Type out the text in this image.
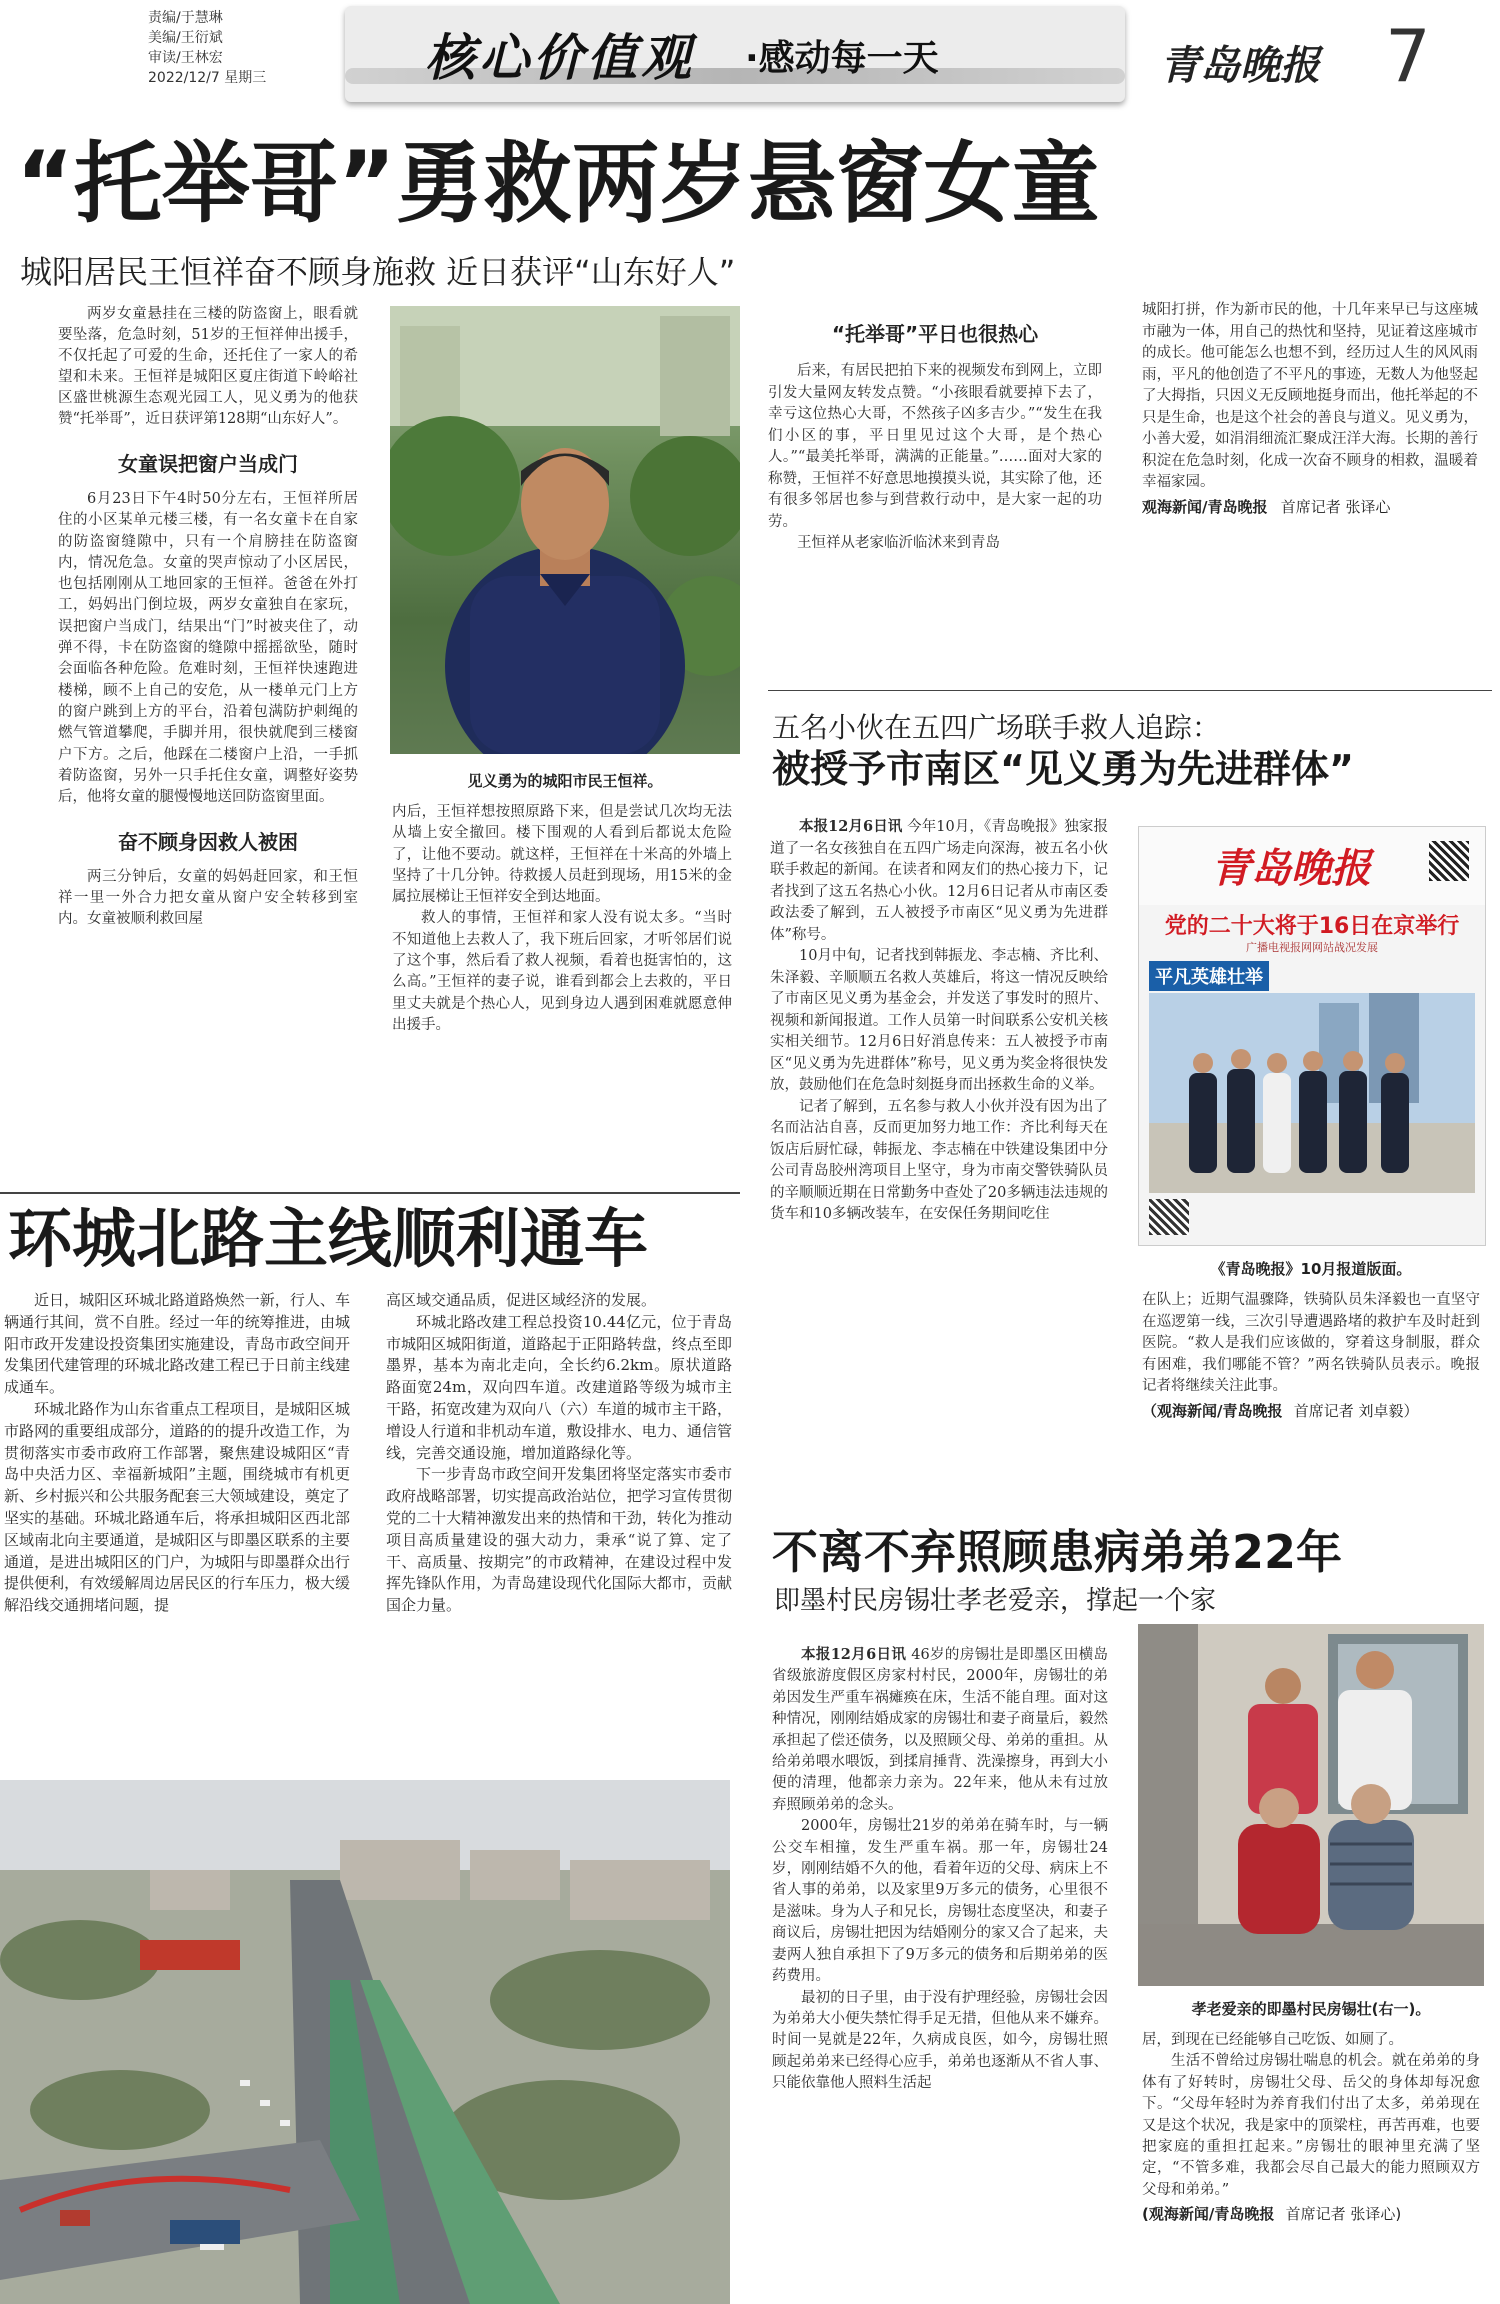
责编/于慧琳
美编/王衍斌
审读/王林宏
2022/12/7 星期三	核心价值观 ·感动每一天	青岛晚报 7
“托举哥”勇救两岁悬窗女童
城阳居民王恒祥奋不顾身施救 近日获评“山东好人”

两岁女童悬挂在三楼的防盗窗上，眼看就要坠落，危急时刻，51岁的王恒祥伸出援手，不仅托起了可爱的生命，还托住了一家人的希望和未来。王恒祥是城阳区夏庄街道下岭峪社区盛世桃源生态观光园工人，见义勇为的他获赞“托举哥”，近日获评第128期“山东好人”。

女童误把窗户当成门

6月23日下午4时50分左右，王恒祥所居住的小区某单元楼三楼，有一名女童卡在自家的防盗窗缝隙中，只有一个肩膀挂在防盗窗内，情况危急。女童的哭声惊动了小区居民，也包括刚刚从工地回家的王恒祥。爸爸在外打工，妈妈出门倒垃圾，两岁女童独自在家玩，误把窗户当成门，结果出“门”时被夹住了，动弹不得，卡在防盗窗的缝隙中摇摇欲坠，随时会面临各种危险。危难时刻，王恒祥快速跑进楼梯，顾不上自己的安危，从一楼单元门上方的窗户跳到上方的平台，沿着包满防护刺绳的燃气管道攀爬，手脚并用，很快就爬到三楼窗户下方。之后，他踩在二楼窗户上沿，一手抓着防盗窗，另外一只手托住女童，调整好姿势后，他将女童的腿慢慢地送回防盗窗里面。

奋不顾身因救人被困

两三分钟后，女童的妈妈赶回家，和王恒祥一里一外合力把女童从窗户安全转移到室内。女童被顺利救回屋

见义勇为的城阳市民王恒祥。

内后，王恒祥想按照原路下来，但是尝试几次均无法从墙上安全撤回。楼下围观的人看到后都说太危险了，让他不要动。就这样，王恒祥在十米高的外墙上坚持了十几分钟。待救援人员赶到现场，用15米的金属拉展梯让王恒祥安全到达地面。

救人的事情，王恒祥和家人没有说太多。“当时不知道他上去救人了，我下班后回家，才听邻居们说了这个事，然后看了救人视频，看着也挺害怕的，这么高。”王恒祥的妻子说，谁看到都会上去救的，平日里丈夫就是个热心人，见到身边人遇到困难就愿意伸出援手。

“托举哥”平日也很热心

后来，有居民把拍下来的视频发布到网上，立即引发大量网友转发点赞。“小孩眼看就要掉下去了，幸亏这位热心大哥，不然孩子凶多吉少。”“发生在我们小区的事，平日里见过这个大哥，是个热心人。”“最美托举哥，满满的正能量。”……面对大家的称赞，王恒祥不好意思地摸摸头说，其实除了他，还有很多邻居也参与到营救行动中，是大家一起的功劳。

王恒祥从老家临沂临沭来到青岛

城阳打拼，作为新市民的他，十几年来早已与这座城市融为一体，用自己的热忱和坚持，见证着这座城市的成长。他可能怎么也想不到，经历过人生的风风雨雨，平凡的他创造了不平凡的事迹，无数人为他竖起了大拇指，只因义无反顾地挺身而出，他托举起的不只是生命，也是这个社会的善良与道义。见义勇为，小善大爱，如涓涓细流汇聚成汪洋大海。长期的善行积淀在危急时刻，化成一次奋不顾身的相救，温暖着幸福家园。

观海新闻/青岛晚报 首席记者 张译心
五名小伙在五四广场联手救人追踪：
被授予市南区“见义勇为先进群体”

本报12月6日讯 今年10月，《青岛晚报》独家报道了一名女孩独自在五四广场走向深海，被五名小伙联手救起的新闻。在读者和网友们的热心接力下，记者找到了这五名热心小伙。12月6日记者从市南区委政法委了解到，五人被授予市南区“见义勇为先进群体”称号。

10月中旬，记者找到韩振龙、李志楠、齐比利、朱泽毅、辛顺顺五名救人英雄后，将这一情况反映给了市南区见义勇为基金会，并发送了事发时的照片、视频和新闻报道。工作人员第一时间联系公安机关核实相关细节。12月6日好消息传来：五人被授予市南区“见义勇为先进群体”称号，见义勇为奖金将很快发放，鼓励他们在危急时刻挺身而出拯救生命的义举。

记者了解到，五名参与救人小伙并没有因为出了名而沾沾自喜，反而更加努力地工作：齐比利每天在饭店后厨忙碌，韩振龙、李志楠在中铁建设集团中分公司青岛胶州湾项目上坚守，身为市南交警铁骑队员的辛顺顺近期在日常勤务中查处了20多辆违法违规的货车和10多辆改装车，在安保任务期间吃住

青岛晚报
党的二十大将于16日在京举行
广播电视报网网站战况发展
平凡英雄壮举
《青岛晚报》10月报道版面。

在队上；近期气温骤降，铁骑队员朱泽毅也一直坚守在巡逻第一线，三次引导遭遇路堵的救护车及时赶到医院。“救人是我们应该做的，穿着这身制服，群众有困难，我们哪能不管？”两名铁骑队员表示。晚报记者将继续关注此事。

（观海新闻/青岛晚报 首席记者 刘卓毅）
环城北路主线顺利通车

近日，城阳区环城北路道路焕然一新，行人、车辆通行其间，赏不自胜。经过一年的统筹推进，由城阳市政开发建设投资集团实施建设，青岛市政空间开发集团代建管理的环城北路改建工程已于日前主线建成通车。

环城北路作为山东省重点工程项目，是城阳区城市路网的重要组成部分，道路的的提升改造工作，为贯彻落实市委市政府工作部署，聚焦建设城阳区“青岛中央活力区、幸福新城阳”主题，围绕城市有机更新、乡村振兴和公共服务配套三大领域建设，奠定了坚实的基础。环城北路通车后，将承担城阳区西北部区域南北向主要通道，是城阳区与即墨区联系的主要通道，是进出城阳区的门户，为城阳与即墨群众出行提供便利，有效缓解周边居民区的行车压力，极大缓解沿线交通拥堵问题，提

高区域交通品质，促进区域经济的发展。

环城北路改建工程总投资10.44亿元，位于青岛市城阳区城阳街道，道路起于正阳路转盘，终点至即墨界，基本为南北走向，全长约6.2km。原状道路路面宽24m，双向四车道。改建道路等级为城市主干路，拓宽改建为双向八（六）车道的城市主干路，增设人行道和非机动车道，敷设排水、电力、通信管线，完善交通设施，增加道路绿化等。

下一步青岛市政空间开发集团将坚定落实市委市政府战略部署，切实提高政治站位，把学习宣传贯彻党的二十大精神激发出来的热情和干劲，转化为推动项目高质量建设的强大动力，秉承“说了算、定了干、高质量、按期完”的市政精神，在建设过程中发挥先锋队作用，为青岛建设现代化国际大都市，贡献国企力量。

不离不弃照顾患病弟弟22年
即墨村民房锡壮孝老爱亲，撑起一个家

本报12月6日讯 46岁的房锡壮是即墨区田横岛省级旅游度假区房家村村民，2000年，房锡壮的弟弟因发生严重车祸瘫痪在床，生活不能自理。面对这种情况，刚刚结婚成家的房锡壮和妻子商量后，毅然承担起了偿还债务，以及照顾父母、弟弟的重担。从给弟弟喂水喂饭，到揉肩捶背、洗澡擦身，再到大小便的清理，他都亲力亲为。22年来，他从未有过放弃照顾弟弟的念头。

2000年，房锡壮21岁的弟弟在骑车时，与一辆公交车相撞，发生严重车祸。那一年，房锡壮24岁，刚刚结婚不久的他，看着年迈的父母、病床上不省人事的弟弟，以及家里9万多元的债务，心里很不是滋味。身为人子和兄长，房锡壮态度坚决，和妻子商议后，房锡壮把因为结婚刚分的家又合了起来，夫妻两人独自承担下了9万多元的债务和后期弟弟的医药费用。

最初的日子里，由于没有护理经验，房锡壮会因为弟弟大小便失禁忙得手足无措，但他从来不嫌弃。时间一晃就是22年，久病成良医，如今，房锡壮照顾起弟弟来已经得心应手，弟弟也逐渐从不省人事、只能依靠他人照料生活起

孝老爱亲的即墨村民房锡壮(右一)。

居，到现在已经能够自己吃饭、如厕了。

生活不曾给过房锡壮喘息的机会。就在弟弟的身体有了好转时，房锡壮父母、岳父的身体却每况愈下。“父母年轻时为养育我们付出了太多，弟弟现在又是这个状况，我是家中的顶梁柱，再苦再难，也要把家庭的重担扛起来。”房锡壮的眼神里充满了坚定，“不管多难，我都会尽自己最大的能力照顾双方父母和弟弟。”

(观海新闻/青岛晚报 首席记者 张译心)
